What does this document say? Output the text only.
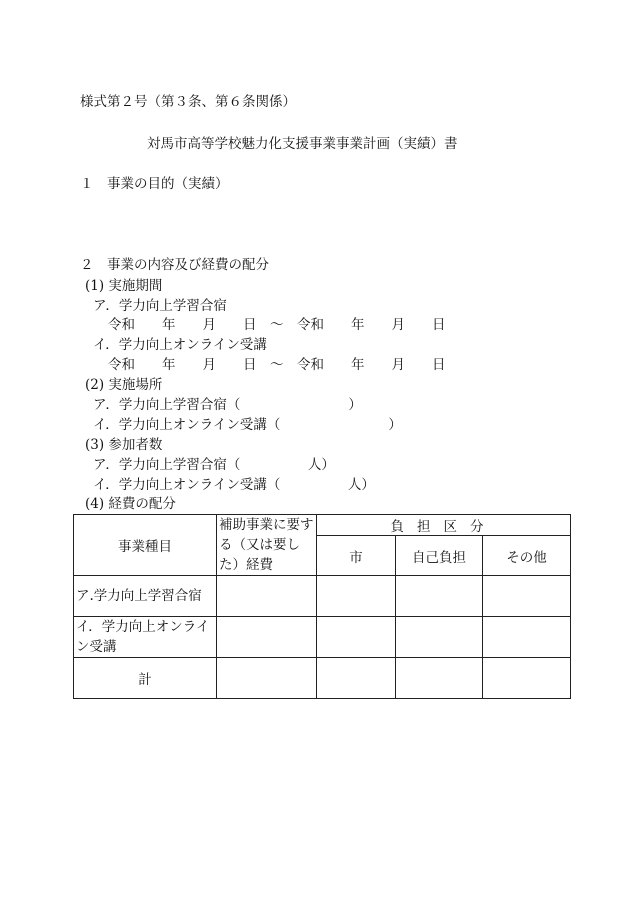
様式第２号（第３条、第６条関係）
対馬市高等学校魅力化支援事業事業計画（実績）書
１　事業の目的（実績）
２　事業の内容及び経費の配分
(1) 実施期間
ア．学力向上学習合宿
令和　　年　　月　　日　～　令和　　年　　月　　日
イ．学力向上オンライン受講
令和　　年　　月　　日　～　令和　　年　　月　　日
(2) 実施場所
ア．学力向上学習合宿（　　　　　　　　）
イ．学力向上オンライン受講（　　　　　　　　）
(3) 参加者数
ア．学力向上学習合宿（　　　　　人）
イ．学力向上オンライン受講（　　　　　人）
(4) 経費の配分
事業種目	補助事業に要する（又は要した）経費	負担区分		
		市	自己負担	その他
ア.学力向上学習合宿				
イ．学力向上オンライン受講				
計				
